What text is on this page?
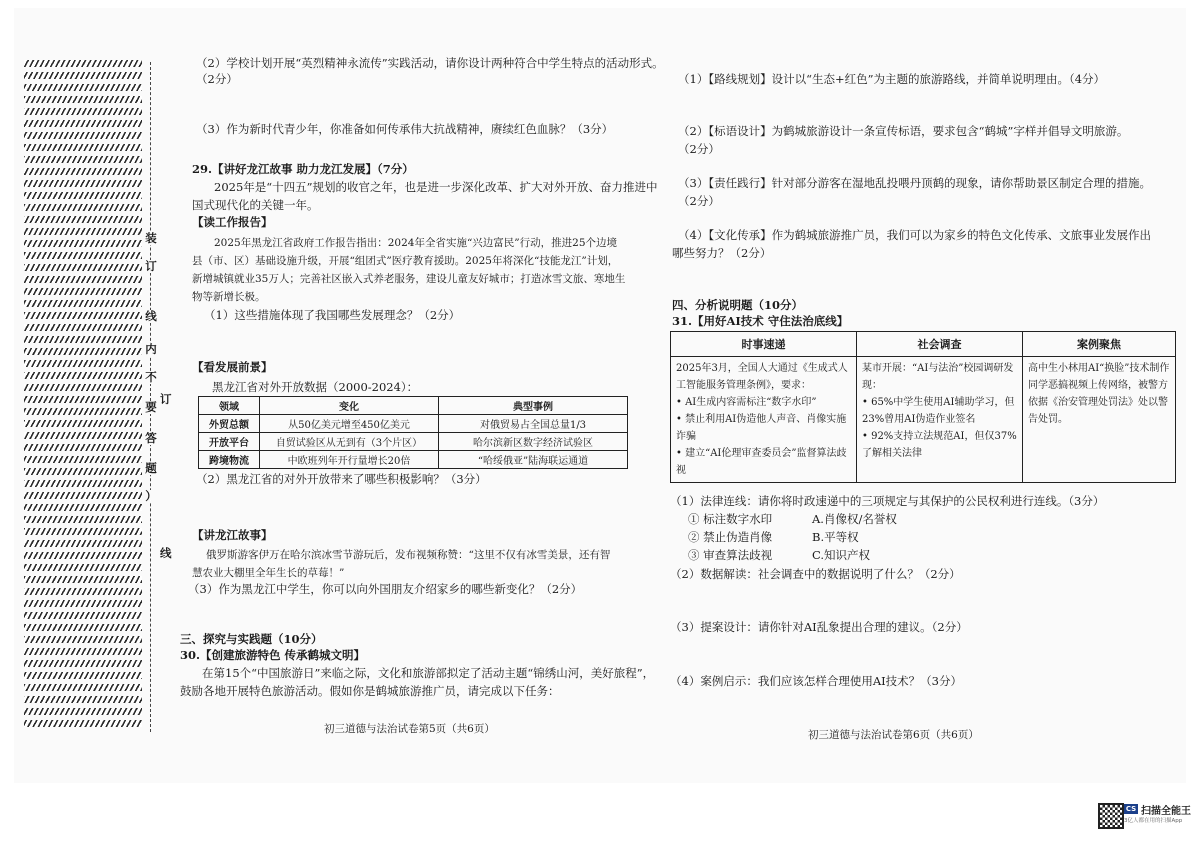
装
订
线
内
不
要
答
题
）
订
线
（2）学校计划开展“英烈精神永流传”实践活动，请你设计两种符合中学生特点的活动形式。
（2分）
（3）作为新时代青少年，你准备如何传承伟大抗战精神，赓续红色血脉？（3分）
29.【讲好龙江故事 助力龙江发展】（7分）
2025年是“十四五”规划的收官之年，也是进一步深化改革、扩大对外开放、奋力推进中
国式现代化的关键一年。
【读工作报告】
2025年黑龙江省政府工作报告指出：2024年全省实施“兴边富民”行动，推进25个边境
县（市、区）基础设施升级，开展“组团式”医疗教育援助。2025年将深化“技能龙江”计划，
新增城镇就业35万人；完善社区嵌入式养老服务，建设儿童友好城市；打造冰雪文旅、寒地生
物等新增长极。
（1）这些措施体现了我国哪些发展理念？（2分）
【看发展前景】
黑龙江省对外开放数据（2000-2024）：
领域	变化	典型事例
外贸总额	从50亿美元增至450亿美元	对俄贸易占全国总量1/3
开放平台	自贸试验区从无到有（3个片区）	哈尔滨新区数字经济试验区
跨境物流	中欧班列年开行量增长20倍	“哈绥俄亚”陆海联运通道
（2）黑龙江省的对外开放带来了哪些积极影响？（3分）
【讲龙江故事】
俄罗斯游客伊万在哈尔滨冰雪节游玩后，发布视频称赞：“这里不仅有冰雪美景，还有智
慧农业大棚里全年生长的草莓！”
（3）作为黑龙江中学生，你可以向外国朋友介绍家乡的哪些新变化？（2分）
三、探究与实践题（10分）
30.【创建旅游特色 传承鹤城文明】
在第15个“中国旅游日”来临之际，文化和旅游部拟定了活动主题“锦绣山河，美好旅程”，
鼓励各地开展特色旅游活动。假如你是鹤城旅游推广员，请完成以下任务：
初三道德与法治试卷第5页（共6页）
（1）【路线规划】设计以“生态+红色”为主题的旅游路线，并简单说明理由。（4分）
（2）【标语设计】为鹤城旅游设计一条宣传标语，要求包含“鹤城”字样并倡导文明旅游。
（2分）
（3）【责任践行】针对部分游客在湿地乱投喂丹顶鹤的现象，请你帮助景区制定合理的措施。
（2分）
（4）【文化传承】作为鹤城旅游推广员，我们可以为家乡的特色文化传承、文旅事业发展作出
哪些努力？（2分）
四、分析说明题（10分）
31.【用好AI技术 守住法治底线】
时事速递	社会调查	案例聚焦
2025年3月，全国人大通过《生成式人工智能服务管理条例》，要求：
• AI生成内容需标注“数字水印”
• 禁止利用AI伪造他人声音、肖像实施诈骗
• 建立“AI伦理审查委员会”监督算法歧视	某市开展：“AI与法治”校园调研发现：
• 65%中学生使用AI辅助学习，但23%曾用AI伪造作业签名
• 92%支持立法规范AI，但仅37%了解相关法律	高中生小林用AI“换脸”技术制作同学恶搞视频上传网络，被警方依据《治安管理处罚法》处以警告处罚。
（1）法律连线：请你将时政速递中的三项规定与其保护的公民权利进行连线。（3分）
① 标注数字水印
② 禁止伪造肖像
③ 审查算法歧视
A.肖像权/名誉权
B.平等权
C.知识产权
（2）数据解读：社会调查中的数据说明了什么？（2分）
（3）提案设计：请你针对AI乱象提出合理的建议。（2分）
（4）案例启示：我们应该怎样合理使用AI技术？（3分）
初三道德与法治试卷第6页（共6页）
CS 扫描全能王
3亿人都在用的扫描App
